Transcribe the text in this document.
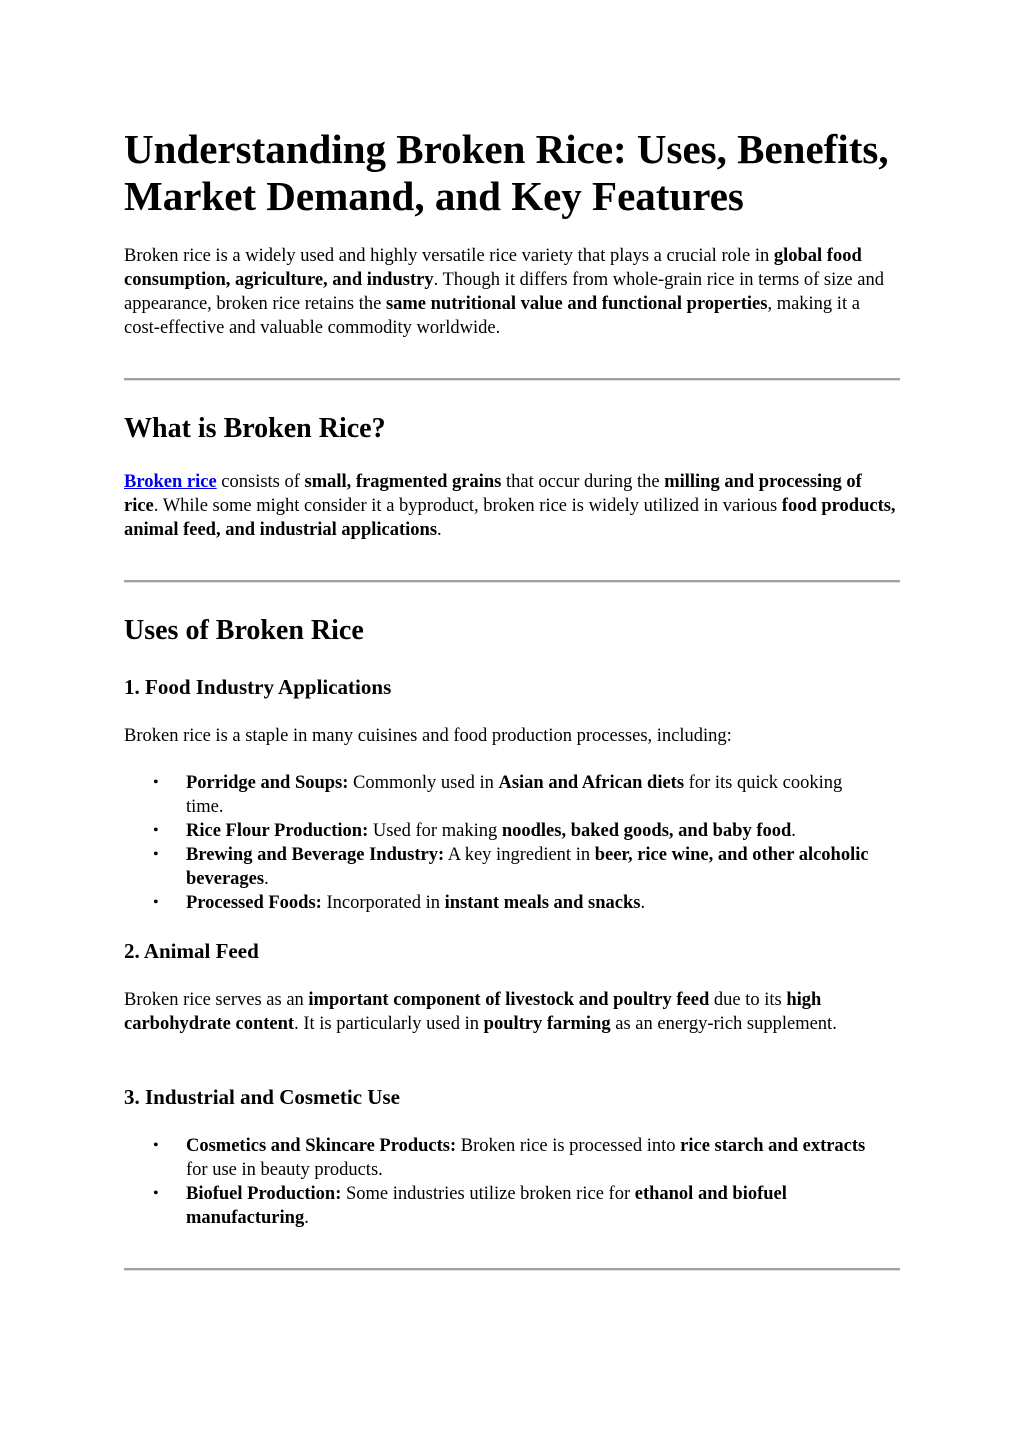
Understanding Broken Rice: Uses, Benefits, Market Demand, and Key Features

Broken rice is a widely used and highly versatile rice variety that plays a crucial role in global food consumption, agriculture, and industry. Though it differs from whole-grain rice in terms of size and appearance, broken rice retains the same nutritional value and functional properties, making it a cost-effective and valuable commodity worldwide.

What is Broken Rice?

Broken rice consists of small, fragmented grains that occur during the milling and processing of rice. While some might consider it a byproduct, broken rice is widely utilized in various food products, animal feed, and industrial applications.

Uses of Broken Rice
1. Food Industry Applications

Broken rice is a staple in many cuisines and food production processes, including:

• Porridge and Soups: Commonly used in Asian and African diets for its quick cooking time.
• Rice Flour Production: Used for making noodles, baked goods, and baby food.
• Brewing and Beverage Industry: A key ingredient in beer, rice wine, and other alcoholic beverages.
• Processed Foods: Incorporated in instant meals and snacks.
2. Animal Feed

Broken rice serves as an important component of livestock and poultry feed due to its high carbohydrate content. It is particularly used in poultry farming as an energy-rich supplement.

3. Industrial and Cosmetic Use
• Cosmetics and Skincare Products: Broken rice is processed into rice starch and extracts for use in beauty products.
• Biofuel Production: Some industries utilize broken rice for ethanol and biofuel manufacturing.
